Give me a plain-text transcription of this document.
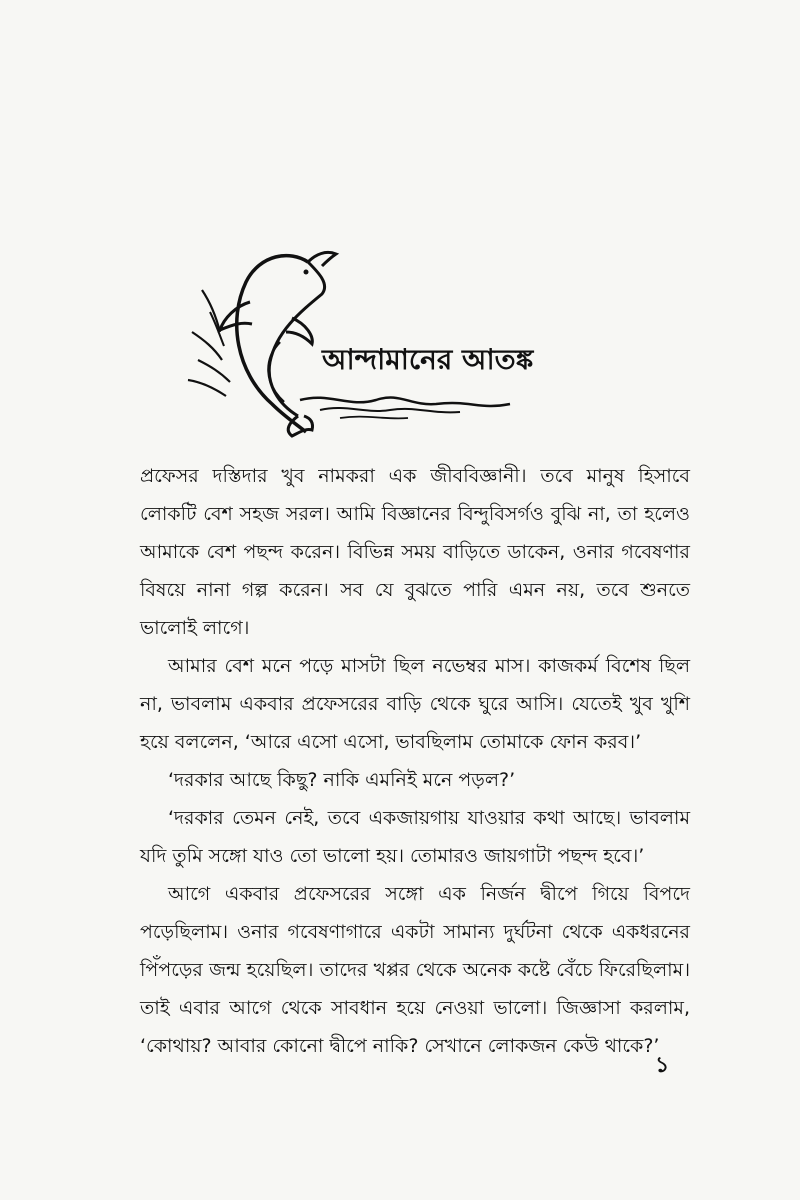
আন্দামানের আতঙ্ক

প্রফেসর দস্তিদার খুব নামকরা এক জীববিজ্ঞানী। তবে মানুষ হিসাবে লোকটি বেশ সহজ সরল। আমি বিজ্ঞানের বিন্দুবিসর্গও বুঝি না, তা হলেও আমাকে বেশ পছন্দ করেন। বিভিন্ন সময় বাড়িতে ডাকেন, ওনার গবেষণার বিষয়ে নানা গল্প করেন। সব যে বুঝতে পারি এমন নয়, তবে শুনতে ভালোই লাগে।

আমার বেশ মনে পড়ে মাসটা ছিল নভেম্বর মাস। কাজকর্ম বিশেষ ছিল না, ভাবলাম একবার প্রফেসরের বাড়ি থেকে ঘুরে আসি। যেতেই খুব খুশি হয়ে বললেন, ‘আরে এসো এসো, ভাবছিলাম তোমাকে ফোন করব।’

‘দরকার আছে কিছু? নাকি এমনিই মনে পড়ল?’

‘দরকার তেমন নেই, তবে একজায়গায় যাওয়ার কথা আছে। ভাবলাম যদি তুমি সঙ্গো যাও তো ভালো হয়। তোমারও জায়গাটা পছন্দ হবে।’

আগে একবার প্রফেসরের সঙ্গো এক নির্জন দ্বীপে গিয়ে বিপদে পড়েছিলাম। ওনার গবেষণাগারে একটা সামান্য দুর্ঘটনা থেকে একধরনের পিঁপড়ের জন্ম হয়েছিল। তাদের খপ্পর থেকে অনেক কষ্টে বেঁচে ফিরেছিলাম। তাই এবার আগে থেকে সাবধান হয়ে নেওয়া ভালো। জিজ্ঞাসা করলাম, ‘কোথায়? আবার কোনো দ্বীপে নাকি? সেখানে লোকজন কেউ থাকে?’

১
